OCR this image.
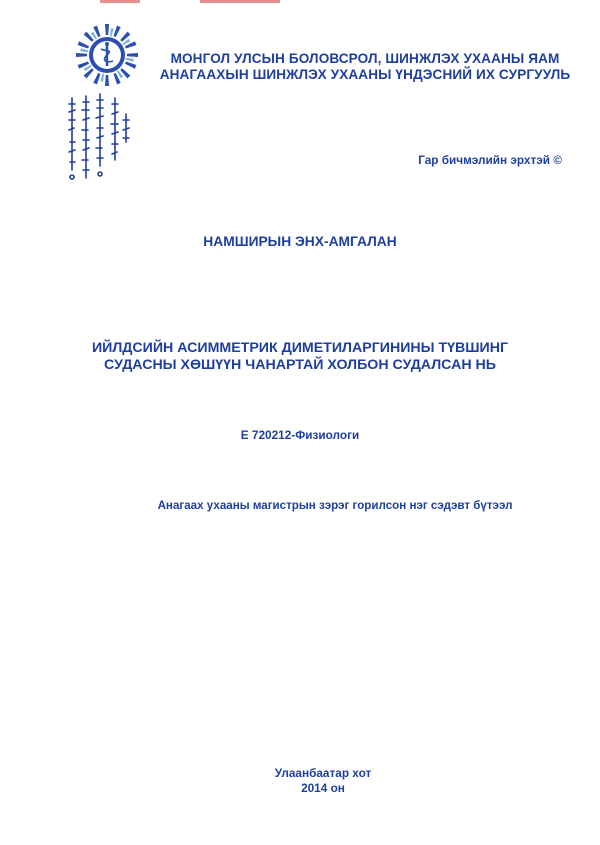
МОНГОЛ УЛСЫН БОЛОВСРОЛ, ШИНЖЛЭХ УХААНЫ ЯАМ
АНАГААХЫН ШИНЖЛЭХ УХААНЫ ҮНДЭСНИЙ ИХ СУРГУУЛЬ
Гар бичмэлийн эрхтэй ©
НАМШИРЫН ЭНХ-АМГАЛАН
ИЙЛДСИЙН АСИММЕТРИК ДИМЕТИЛАРГИНИНЫ ТҮВШИНГ
СУДАСНЫ ХӨШҮҮН ЧАНАРТАЙ ХОЛБОН СУДАЛСАН НЬ
Е 720212-Физиологи
Анагаах ухааны магистрын зэрэг горилсон нэг сэдэвт бүтээл
Улаанбаатар хот
2014 он
